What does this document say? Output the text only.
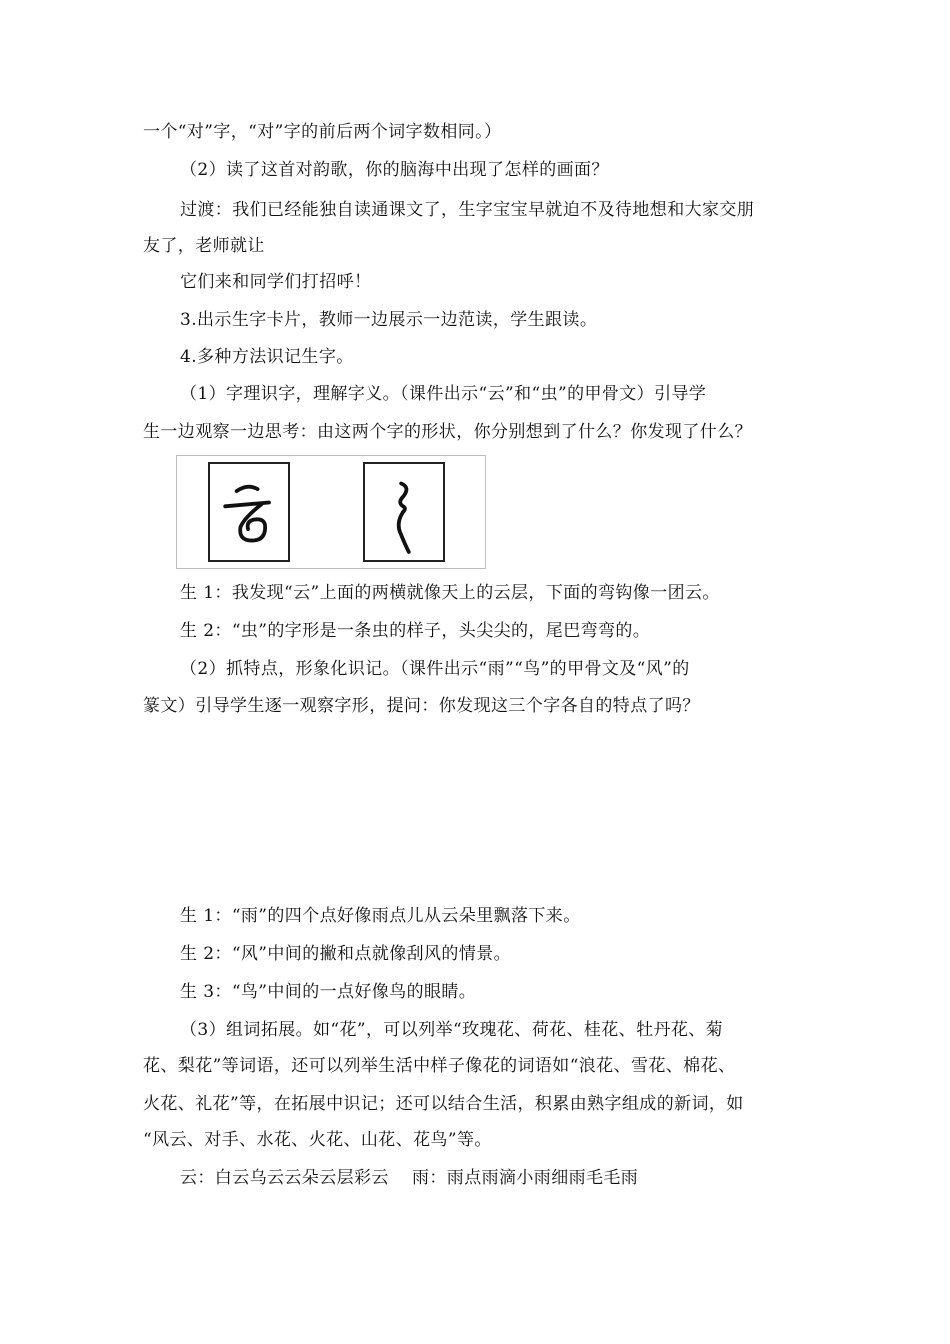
一个“对”字，“对”字的前后两个词字数相同。）
（2）读了这首对韵歌，你的脑海中出现了怎样的画面？
过渡：我们已经能独自读通课文了，生字宝宝早就迫不及待地想和大家交朋
友了，老师就让
它们来和同学们打招呼！
3.出示生字卡片，教师一边展示一边范读，学生跟读。
4.多种方法识记生字。
（1）字理识字，理解字义。（课件出示“云”和“虫”的甲骨文）引导学
生一边观察一边思考：由这两个字的形状，你分别想到了什么？你发现了什么？
生 1：我发现“云”上面的两横就像天上的云层，下面的弯钩像一团云。
生 2：“虫”的字形是一条虫的样子，头尖尖的，尾巴弯弯的。
（2）抓特点，形象化识记。（课件出示“雨”“鸟”的甲骨文及“风”的
篆文）引导学生逐一观察字形，提问：你发现这三个字各自的特点了吗？
生 1：“雨”的四个点好像雨点儿从云朵里飘落下来。
生 2：“风”中间的撇和点就像刮风的情景。
生 3：“鸟”中间的一点好像鸟的眼睛。
（3）组词拓展。如“花”，可以列举“玫瑰花、荷花、桂花、牡丹花、菊
花、梨花”等词语，还可以列举生活中样子像花的词语如“浪花、雪花、棉花、
火花、礼花”等，在拓展中识记；还可以结合生活，积累由熟字组成的新词，如
“风云、对手、水花、火花、山花、花鸟”等。
云：白云乌云云朵云层彩云　 雨：雨点雨滴小雨细雨毛毛雨
